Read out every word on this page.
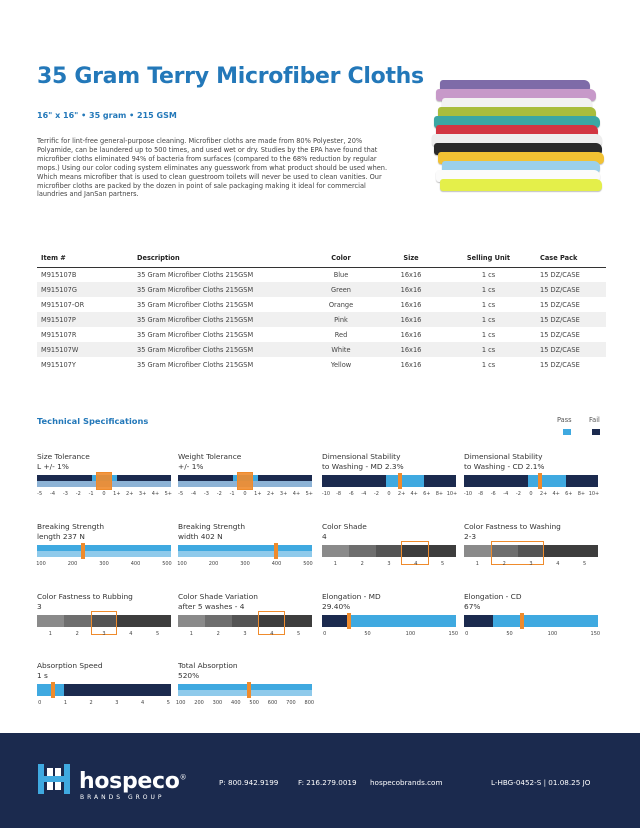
35 Gram Terry Microfiber Cloths
16" x 16" • 35 gram • 215 GSM
Terrific for lint-free general-purpose cleaning. Microfiber cloths are made from 80% Polyester, 20% Polyamide, can be laundered up to 500 times, and used wet or dry. Studies by the EPA have found that microfiber cloths eliminated 94% of bacteria from surfaces (compared to the 68% reduction by regular mops.) Using our color coding system eliminates any guesswork from what product should be used when. Which means microfiber that is used to clean guestroom toilets will never be used to clean vanities. Our microfiber cloths are packed by the dozen in point of sale packaging making it ideal for commercial laundries and JanSan partners.
Item #	Description	Color	Size	Selling Unit	Case Pack
M915107B	35 Gram Microfiber Cloths 215GSM	Blue	16x16	1 cs	15 DZ/CASE
M915107G	35 Gram Microfiber Cloths 215GSM	Green	16x16	1 cs	15 DZ/CASE
M915107-OR	35 Gram Microfiber Cloths 215GSM	Orange	16x16	1 cs	15 DZ/CASE
M915107P	35 Gram Microfiber Cloths 215GSM	Pink	16x16	1 cs	15 DZ/CASE
M915107R	35 Gram Microfiber Cloths 215GSM	Red	16x16	1 cs	15 DZ/CASE
M915107W	35 Gram Microfiber Cloths 215GSM	White	16x16	1 cs	15 DZ/CASE
M915107Y	35 Gram Microfiber Cloths 215GSM	Yellow	16x16	1 cs	15 DZ/CASE
Technical Specifications	Pass	Fail
Size Tolerance
L +/- 1%
-5 -4 -3 -2 -1 0 1+ 2+ 3+ 4+ 5+
Weight Tolerance
+/- 1%
-5 -4 -3 -2 -1 0 1+ 2+ 3+ 4+ 5+
Dimensional Stability
to Washing - MD 2.3%
-10 -8 -6 -4 -2 0 2+ 4+ 6+ 8+ 10+
Dimensional Stability
to Washing - CD 2.1%
-10 -8 -6 -4 -2 0 2+ 4+ 6+ 8+ 10+
Breaking Strength
length 237 N
100	200	300	400	500
Breaking Strength
width 402 N
100	200	300	400	500
Color Shade
4
1	2	3	4	5
Color Fastness to Washing
2-3
1	2	3	4	5
Color Fastness to Rubbing
3
1	2	3	4	5
Color Shade Variation
after 5 washes - 4
1	2	3	4	5
Elongation - MD
29.40%
0	50	100	150
Elongation - CD
67%
0	50	100	150
Absorption Speed
1 s
0	1	2	3	4	5
Total Absorption
520%
100 200 300 400 500 600 700 800
hospeco®
BRANDS GROUP
P: 800.942.9199	F: 216.279.0019 hospecobrands.com	L-HBG-0452-S | 01.08.25 JO
